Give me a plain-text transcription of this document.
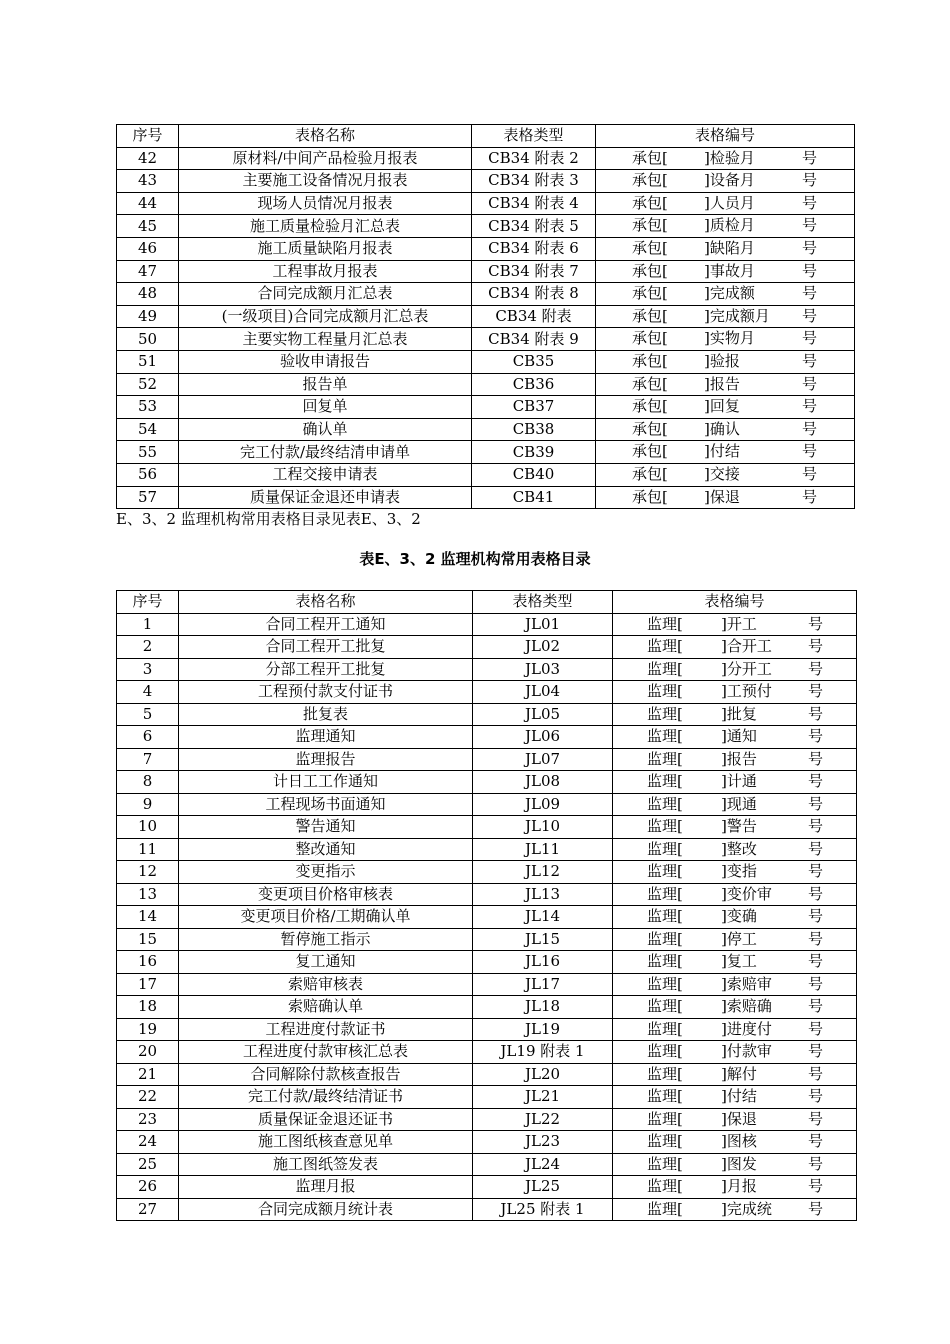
序号	表格名称	表格类型	表格编号
42	原材料/中间产品检验月报表	CB34 附表 2	承包[ ]检验月 号

43	主要施工设备情况月报表	CB34 附表 3	承包[ ]设备月 号

44	现场人员情况月报表	CB34 附表 4	承包[ ]人员月 号

45	施工质量检验月汇总表	CB34 附表 5	承包[ ]质检月 号

46	施工质量缺陷月报表	CB34 附表 6	承包[ ]缺陷月 号

47	工程事故月报表	CB34 附表 7	承包[ ]事故月 号

48	合同完成额月汇总表	CB34 附表 8	承包[ ]完成额 号

49	(一级项目)合同完成额月汇总表	CB34 附表	承包[ ]完成额月 号

50	主要实物工程量月汇总表	CB34 附表 9	承包[ ]实物月 号

51	验收申请报告	CB35	承包[ ]验报 号

52	报告单	CB36	承包[ ]报告 号

53	回复单	CB37	承包[ ]回复 号

54	确认单	CB38	承包[ ]确认 号

55	完工付款/最终结清申请单	CB39	承包[ ]付结 号

56	工程交接申请表	CB40	承包[ ]交接 号

57	质量保证金退还申请表	CB41	承包[ ]保退 号

E、3、2 监理机构常用表格目录见表E、3、2
表E、3、2 监理机构常用表格目录
序号	表格名称	表格类型	表格编号
1	合同工程开工通知	JL01	监理[ ]开工 号

2	合同工程开工批复	JL02	监理[ ]合开工 号

3	分部工程开工批复	JL03	监理[ ]分开工 号

4	工程预付款支付证书	JL04	监理[ ]工预付 号

5	批复表	JL05	监理[ ]批复 号

6	监理通知	JL06	监理[ ]通知 号

7	监理报告	JL07	监理[ ]报告 号

8	计日工工作通知	JL08	监理[ ]计通 号

9	工程现场书面通知	JL09	监理[ ]现通 号

10	警告通知	JL10	监理[ ]警告 号

11	整改通知	JL11	监理[ ]整改 号

12	变更指示	JL12	监理[ ]变指 号

13	变更项目价格审核表	JL13	监理[ ]变价审 号

14	变更项目价格/工期确认单	JL14	监理[ ]变确 号

15	暂停施工指示	JL15	监理[ ]停工 号

16	复工通知	JL16	监理[ ]复工 号

17	索赔审核表	JL17	监理[ ]索赔审 号

18	索赔确认单	JL18	监理[ ]索赔确 号

19	工程进度付款证书	JL19	监理[ ]进度付 号

20	工程进度付款审核汇总表	JL19 附表 1	监理[ ]付款审 号

21	合同解除付款核查报告	JL20	监理[ ]解付 号

22	完工付款/最终结清证书	JL21	监理[ ]付结 号

23	质量保证金退还证书	JL22	监理[ ]保退 号

24	施工图纸核查意见单	JL23	监理[ ]图核 号

25	施工图纸签发表	JL24	监理[ ]图发 号

26	监理月报	JL25	监理[ ]月报 号

27	合同完成额月统计表	JL25 附表 1	监理[ ]完成统 号
